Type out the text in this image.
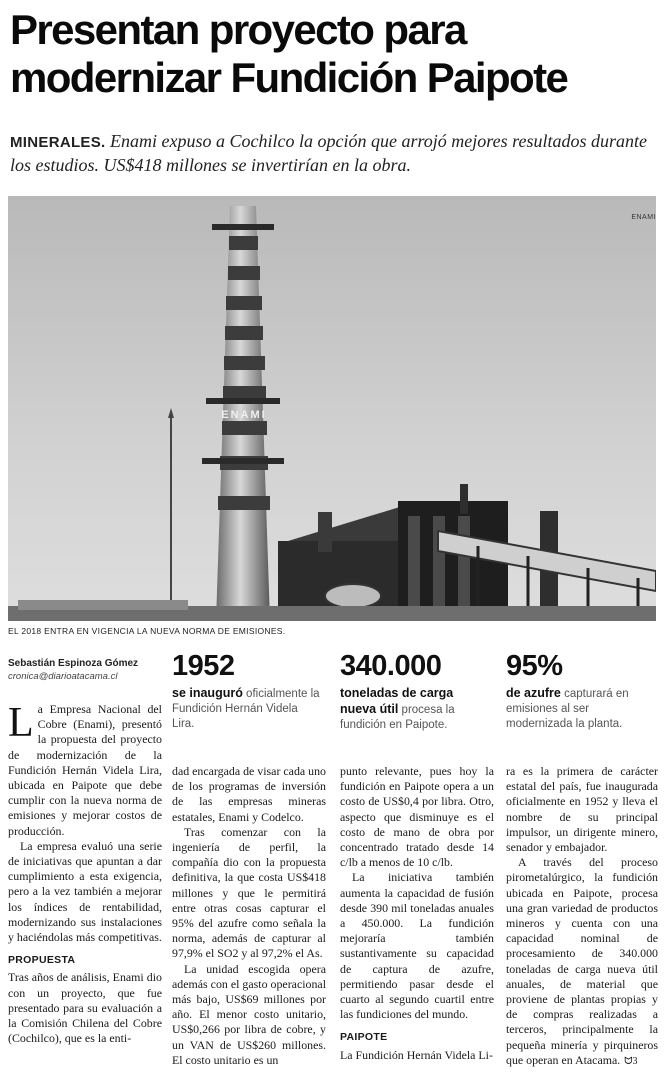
Presentan proyecto para modernizar Fundición Paipote

MINERALES. Enami expuso a Cochilco la opción que arrojó mejores resultados durante los estudios. US$418 millones se invertirían en la obra.

ENAMI
ENAMI
EL 2018 ENTRA EN VIGENCIA LA NUEVA NORMA DE EMISIONES.
Sebastián Espinoza Gómez
cronica@diarioatacama.cl	1952
se inauguró oficialmente la Fundición Hernán Videla Lira.
340.000
toneladas de carga nueva útil procesa la fundición en Paipote.
95%
de azufre capturará en emisiones al ser modernizada la planta.

La Empresa Nacional del Cobre (Enami), presentó la propuesta del proyecto de modernización de la Fundición Hernán Videla Lira, ubicada en Paipote que debe cumplir con la nueva norma de emisiones y mejorar costos de producción.

La empresa evaluó una serie de iniciativas que apuntan a dar cumplimiento a esta exigencia, pero a la vez también a mejorar los índices de rentabilidad, modernizando sus instalaciones y haciéndolas más competitivas.

PROPUESTA

Tras años de análisis, Enami dio con un proyecto, que fue presentado para su evaluación a la Comisión Chilena del Cobre (Cochilco), que es la enti-

dad encargada de visar cada uno de los programas de inversión de las empresas mineras estatales, Enami y Codelco.

Tras comenzar con la ingeniería de perfil, la compañía dio con la propuesta definitiva, la que costa US$418 millones y que le permitirá entre otras cosas capturar el 95% del azufre como señala la norma, además de capturar al 97,9% el SO2 y al 97,2% el As.

La unidad escogida opera además con el gasto operacional más bajo, US$69 millones por año. El menor costo unitario, US$0,266 por libra de cobre, y un VAN de US$260 millones. El costo unitario es un

punto relevante, pues hoy la fundición en Paipote opera a un costo de US$0,4 por libra. Otro, aspecto que disminuye es el costo de mano de obra por concentrado tratado desde 14 c/lb a menos de 10 c/lb.

La iniciativa también aumenta la capacidad de fusión desde 390 mil toneladas anuales a 450.000. La fundición mejoraría también sustantivamente su capacidad de captura de azufre, permitiendo pasar desde el cuarto al segundo cuartil entre las fundiciones del mundo.

PAIPOTE

La Fundición Hernán Videla Li-

ra es la primera de carácter estatal del país, fue inaugurada oficialmente en 1952 y lleva el nombre de su principal impulsor, un dirigente minero, senador y embajador.

A través del proceso pirometalúrgico, la fundición ubicada en Paipote, procesa una gran variedad de productos mineros y cuenta con una capacidad nominal de procesamiento de 340.000 toneladas de carga nueva útil anuales, de material que proviene de plantas propias y de compras realizadas a terceros, principalmente la pequeña minería y pirquineros que operan en Atacama. ᗢ3
